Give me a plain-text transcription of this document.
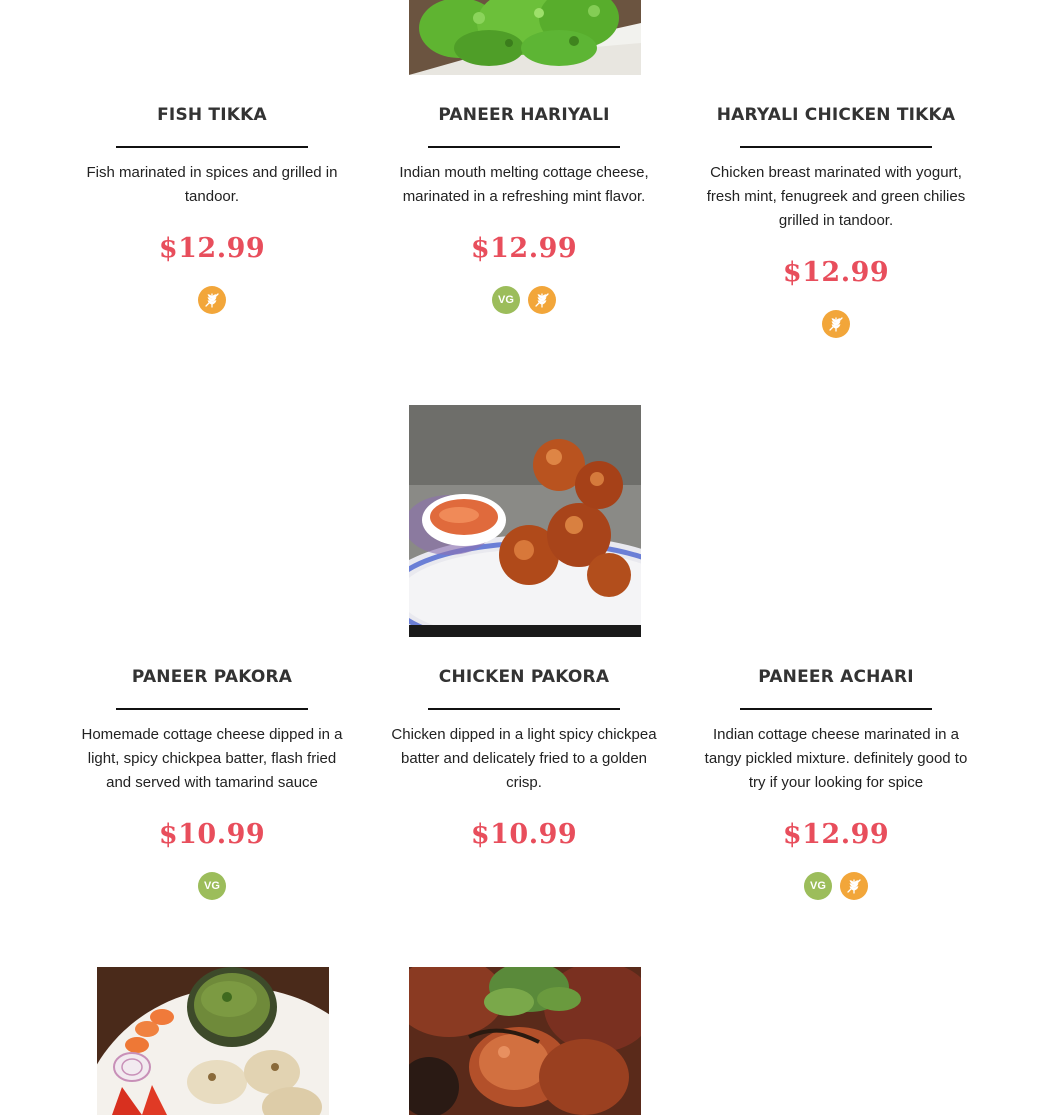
FISH TIKKA

Fish marinated in spices and grilled in tandoor.

$12.99
PANEER HARIYALI

Indian mouth melting cottage cheese, marinated in a refreshing mint flavor.

$12.99
VG
HARYALI CHICKEN TIKKA

Chicken breast marinated with yogurt, fresh mint, fenugreek and green chilies grilled in tandoor.

$12.99
PANEER PAKORA

Homemade cottage cheese dipped in a light, spicy chickpea batter, flash fried and served with tamarind sauce

$10.99
VG
CHICKEN PAKORA

Chicken dipped in a light spicy chickpea batter and delicately fried to a golden crisp.

$10.99
PANEER ACHARI

Indian cottage cheese marinated in a tangy pickled mixture. definitely good to try if your looking for spice

$12.99
VG
